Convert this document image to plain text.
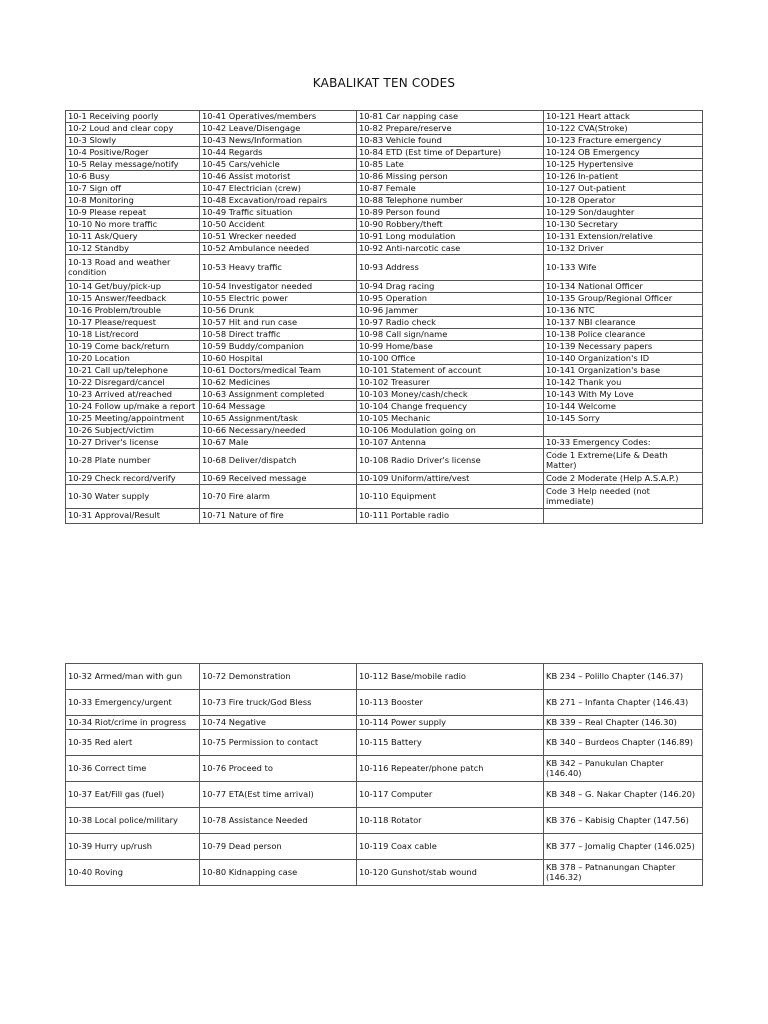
KABALIKAT TEN CODES
10-1 Receiving poorly	10-41 Operatives/members	10-81 Car napping case	10-121 Heart attack
10-2 Loud and clear copy	10-42 Leave/Disengage	10-82 Prepare/reserve	10-122 CVA(Stroke)
10-3 Slowly	10-43 News/Information	10-83 Vehicle found	10-123 Fracture emergency
10-4 Positive/Roger	10-44 Regards	10-84 ETD (Est time of Departure)	10-124 OB Emergency
10-5 Relay message/notify	10-45 Cars/vehicle	10-85 Late	10-125 Hypertensive
10-6 Busy	10-46 Assist motorist	10-86 Missing person	10-126 In-patient
10-7 Sign off	10-47 Electrician (crew)	10-87 Female	10-127 Out-patient
10-8 Monitoring	10-48 Excavation/road repairs	10-88 Telephone number	10-128 Operator
10-9 Please repeat	10-49 Traffic situation	10-89 Person found	10-129 Son/daughter
10-10 No more traffic	10-50 Accident	10-90 Robbery/theft	10-130 Secretary
10-11 Ask/Query	10-51 Wrecker needed	10-91 Long modulation	10-131 Extension/relative
10-12 Standby	10-52 Ambulance needed	10-92 Anti-narcotic case	10-132 Driver
10-13 Road and weather condition	10-53 Heavy traffic	10-93 Address	10-133 Wife
10-14 Get/buy/pick-up	10-54 Investigator needed	10-94 Drag racing	10-134 National Officer
10-15 Answer/feedback	10-55 Electric power	10-95 Operation	10-135 Group/Regional Officer
10-16 Problem/trouble	10-56 Drunk	10-96 Jammer	10-136 NTC
10-17 Please/request	10-57 Hit and run case	10-97 Radio check	10-137 NBI clearance
10-18 List/record	10-58 Direct traffic	10-98 Call sign/name	10-138 Police clearance
10-19 Come back/return	10-59 Buddy/companion	10-99 Home/base	10-139 Necessary papers
10-20 Location	10-60 Hospital	10-100 Office	10-140 Organization's ID
10-21 Call up/telephone	10-61 Doctors/medical Team	10-101 Statement of account	10-141 Organization's base
10-22 Disregard/cancel	10-62 Medicines	10-102 Treasurer	10-142 Thank you
10-23 Arrived at/reached	10-63 Assignment completed	10-103 Money/cash/check	10-143 With My Love
10-24 Follow up/make a report	10-64 Message	10-104 Change frequency	10-144 Welcome
10-25 Meeting/appointment	10-65 Assignment/task	10-105 Mechanic	10-145 Sorry
10-26 Subject/victim	10-66 Necessary/needed	10-106 Modulation going on	
10-27 Driver's license	10-67 Male	10-107 Antenna	10-33 Emergency Codes:
10-28 Plate number	10-68 Deliver/dispatch	10-108 Radio Driver's license	Code 1 Extreme(Life & Death Matter)
10-29 Check record/verify	10-69 Received message	10-109 Uniform/attire/vest	Code 2 Moderate (Help A.S.A.P.)
10-30 Water supply	10-70 Fire alarm	10-110 Equipment	Code 3 Help needed (not immediate)
10-31 Approval/Result	10-71 Nature of fire	10-111 Portable radio	
10-32 Armed/man with gun	10-72 Demonstration	10-112 Base/mobile radio	KB 234 – Polillo Chapter (146.37)
10-33 Emergency/urgent	10-73 Fire truck/God Bless	10-113 Booster	KB 271 – Infanta Chapter (146.43)
10-34 Riot/crime in progress	10-74 Negative	10-114 Power supply	KB 339 – Real Chapter (146.30)
10-35 Red alert	10-75 Permission to contact	10-115 Battery	KB 340 – Burdeos Chapter (146.89)
10-36 Correct time	10-76 Proceed to	10-116 Repeater/phone patch	KB 342 – Panukulan Chapter (146.40)
10-37 Eat/Fill gas (fuel)	10-77 ETA(Est time arrival)	10-117 Computer	KB 348 – G. Nakar Chapter (146.20)
10-38 Local police/military	10-78 Assistance Needed	10-118 Rotator	KB 376 – Kabisig Chapter (147.56)
10-39 Hurry up/rush	10-79 Dead person	10-119 Coax cable	KB 377 – Jomalig Chapter (146.025)
10-40 Roving	10-80 Kidnapping case	10-120 Gunshot/stab wound	KB 378 – Patnanungan Chapter (146.32)
